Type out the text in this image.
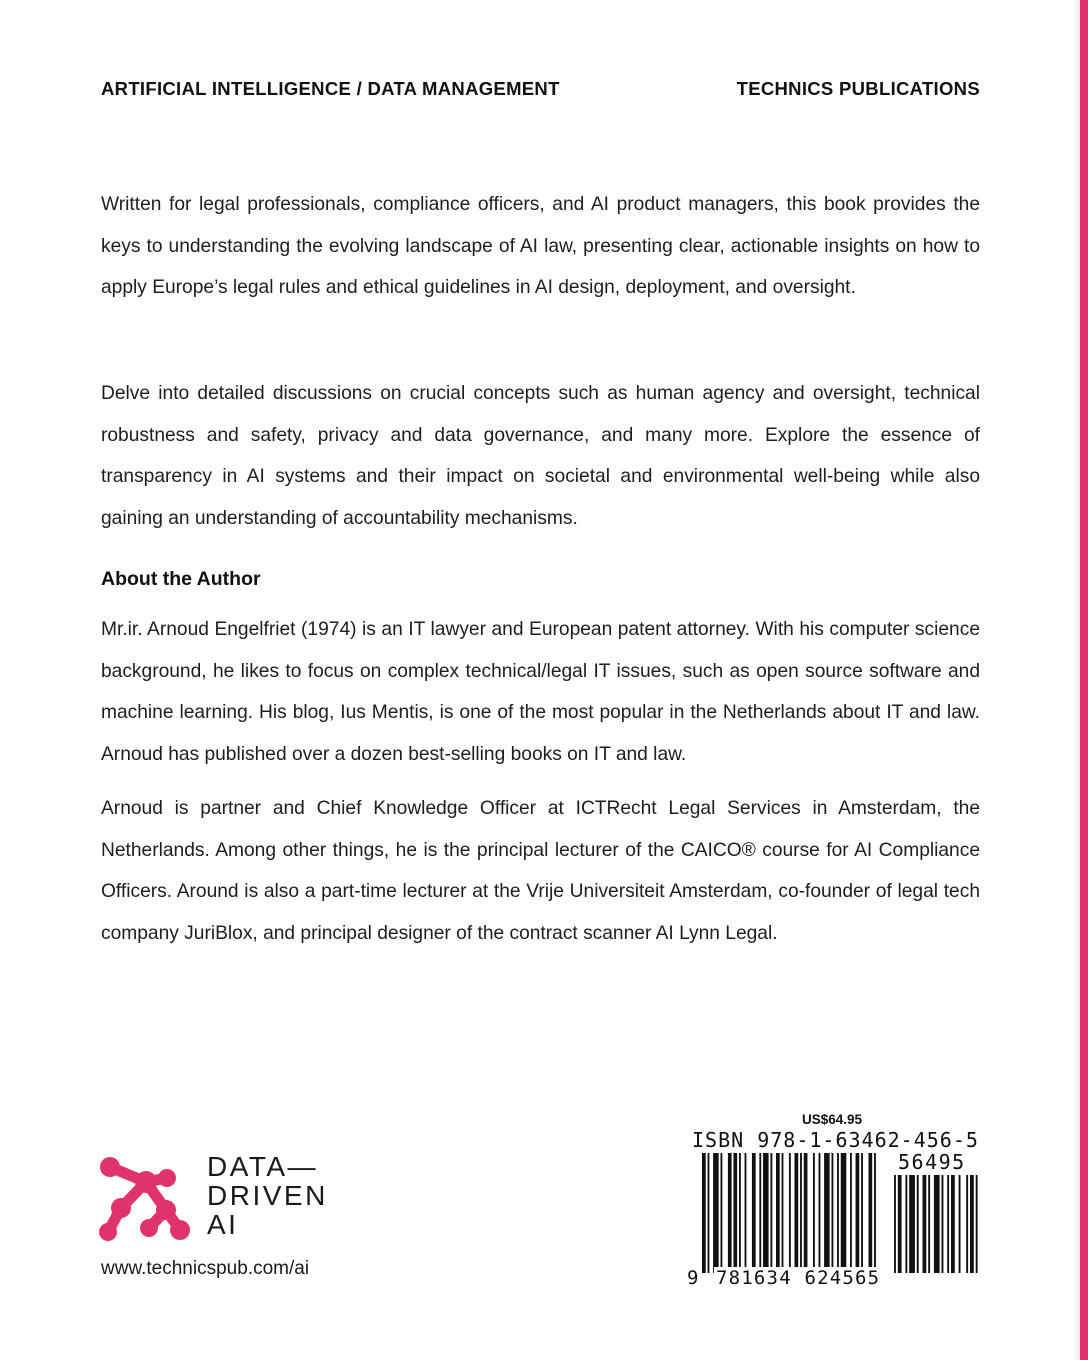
ARTIFICIAL INTELLIGENCE / DATA MANAGEMENT	TECHNICS PUBLICATIONS

Written for legal professionals, compliance officers, and AI product managers, this book provides the keys to understanding the evolving landscape of AI law, presenting clear, actionable insights on how to apply Europe’s legal rules and ethical guidelines in AI design, deployment, and oversight.

Delve into detailed discussions on crucial concepts such as human agency and oversight, technical robustness and safety, privacy and data governance, and many more. Explore the essence of transparency in AI systems and their impact on societal and environmental well-being while also gaining an understanding of accountability mechanisms.

About the Author

Mr.ir. Arnoud Engelfriet (1974) is an IT lawyer and European patent attorney. With his computer science background, he likes to focus on complex technical/legal IT issues, such as open source software and machine learning. His blog, Ius Mentis, is one of the most popular in the Netherlands about IT and law. Arnoud has published over a dozen best-selling books on IT and law.

Arnoud is partner and Chief Knowledge Officer at ICTRecht Legal Services in Amsterdam, the Netherlands. Among other things, he is the principal lecturer of the CAICO® course for AI Compliance Officers. Around is also a part-time lecturer at the Vrije Universiteit Amsterdam, co-founder of legal tech company JuriBlox, and principal designer of the contract scanner AI Lynn Legal.

DATA—
DRIVEN
AI
www.technicspub.com/ai
US$64.95
ISBN 978-1-63462-456-5
56495
9 781634 624565
